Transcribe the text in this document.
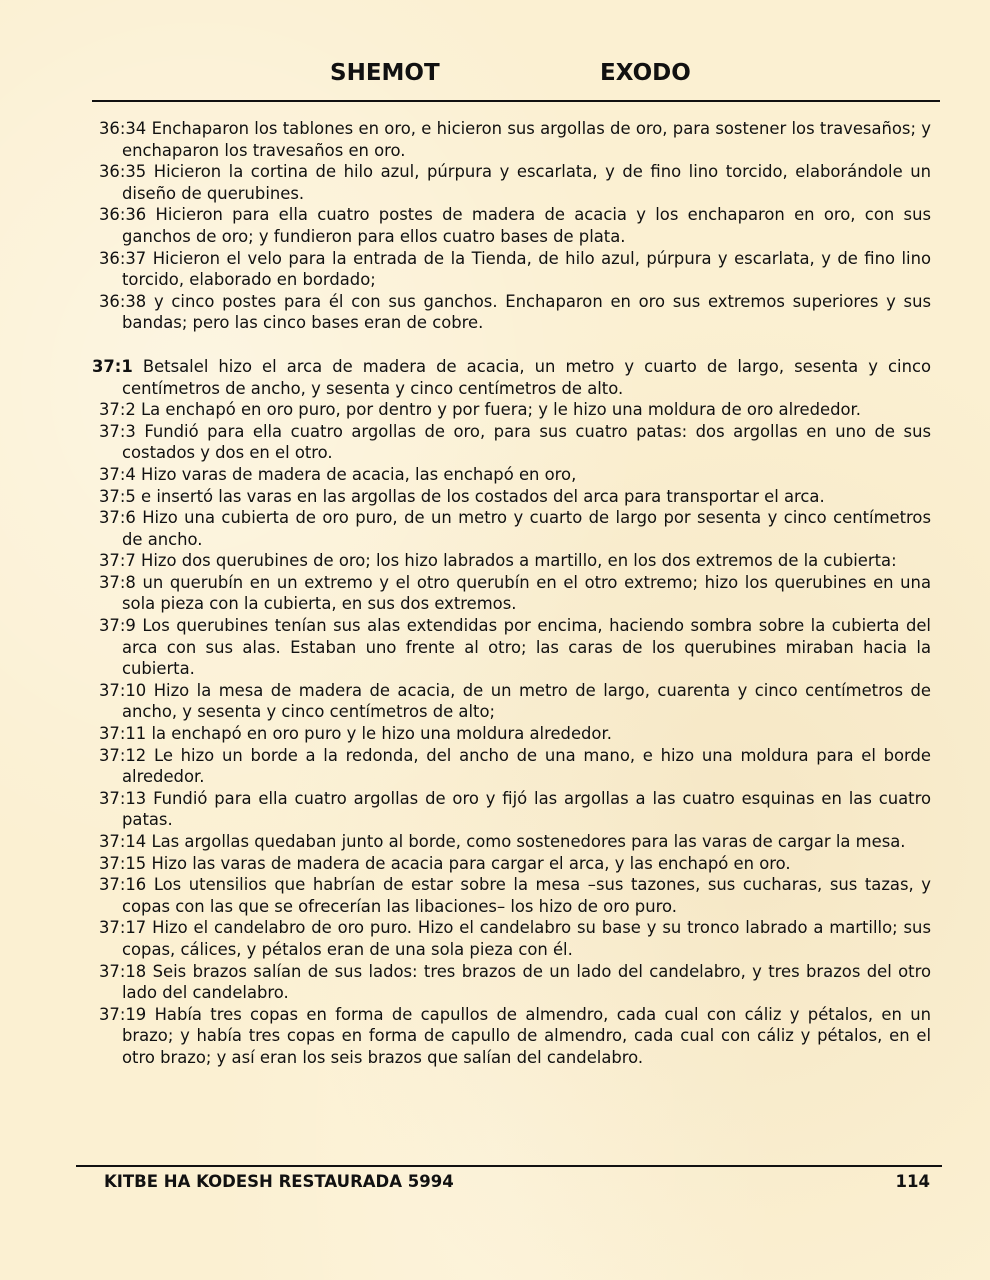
SHEMOT	EXODO

36:34 Enchaparon los tablones en oro, e hicieron sus argollas de oro, para sostener los travesaños; y enchaparon los travesaños en oro.

36:35 Hicieron la cortina de hilo azul, púrpura y escarlata, y de fino lino torcido, elaborándole un diseño de querubines.

36:36 Hicieron para ella cuatro postes de madera de acacia y los enchaparon en oro, con sus ganchos de oro; y fundieron para ellos cuatro bases de plata.

36:37 Hicieron el velo para la entrada de la Tienda, de hilo azul, púrpura y escarlata, y de fino lino torcido, elaborado en bordado;

36:38 y cinco postes para él con sus ganchos. Enchaparon en oro sus extremos superiores y sus bandas; pero las cinco bases eran de cobre.

37:1 Betsalel hizo el arca de madera de acacia, un metro y cuarto de largo, sesenta y cinco centímetros de ancho, y sesenta y cinco centímetros de alto.

37:2 La enchapó en oro puro, por dentro y por fuera; y le hizo una moldura de oro alrededor.

37:3 Fundió para ella cuatro argollas de oro, para sus cuatro patas: dos argollas en uno de sus costados y dos en el otro.

37:4 Hizo varas de madera de acacia, las enchapó en oro,

37:5 e insertó las varas en las argollas de los costados del arca para transportar el arca.

37:6 Hizo una cubierta de oro puro, de un metro y cuarto de largo por sesenta y cinco centímetros de ancho.

37:7 Hizo dos querubines de oro; los hizo labrados a martillo, en los dos extremos de la cubierta:

37:8 un querubín en un extremo y el otro querubín en el otro extremo; hizo los querubines en una sola pieza con la cubierta, en sus dos extremos.

37:9 Los querubines tenían sus alas extendidas por encima, haciendo sombra sobre la cubierta del arca con sus alas. Estaban uno frente al otro; las caras de los querubines miraban hacia la cubierta.

37:10 Hizo la mesa de madera de acacia, de un metro de largo, cuarenta y cinco centímetros de ancho, y sesenta y cinco centímetros de alto;

37:11 la enchapó en oro puro y le hizo una moldura alrededor.

37:12 Le hizo un borde a la redonda, del ancho de una mano, e hizo una moldura para el borde alrededor.

37:13 Fundió para ella cuatro argollas de oro y fijó las argollas a las cuatro esquinas en las cuatro patas.

37:14 Las argollas quedaban junto al borde, como sostenedores para las varas de cargar la mesa.

37:15 Hizo las varas de madera de acacia para cargar el arca, y las enchapó en oro.

37:16 Los utensilios que habrían de estar sobre la mesa –sus tazones, sus cucharas, sus tazas, y copas con las que se ofrecerían las libaciones– los hizo de oro puro.

37:17 Hizo el candelabro de oro puro. Hizo el candelabro su base y su tronco labrado a martillo; sus copas, cálices, y pétalos eran de una sola pieza con él.

37:18 Seis brazos salían de sus lados: tres brazos de un lado del candelabro, y tres brazos del otro lado del candelabro.

37:19 Había tres copas en forma de capullos de almendro, cada cual con cáliz y pétalos, en un brazo; y había tres copas en forma de capullo de almendro, cada cual con cáliz y pétalos, en el otro brazo; y así eran los seis brazos que salían del candelabro.

KITBE HA KODESH RESTAURADA 5994	114
